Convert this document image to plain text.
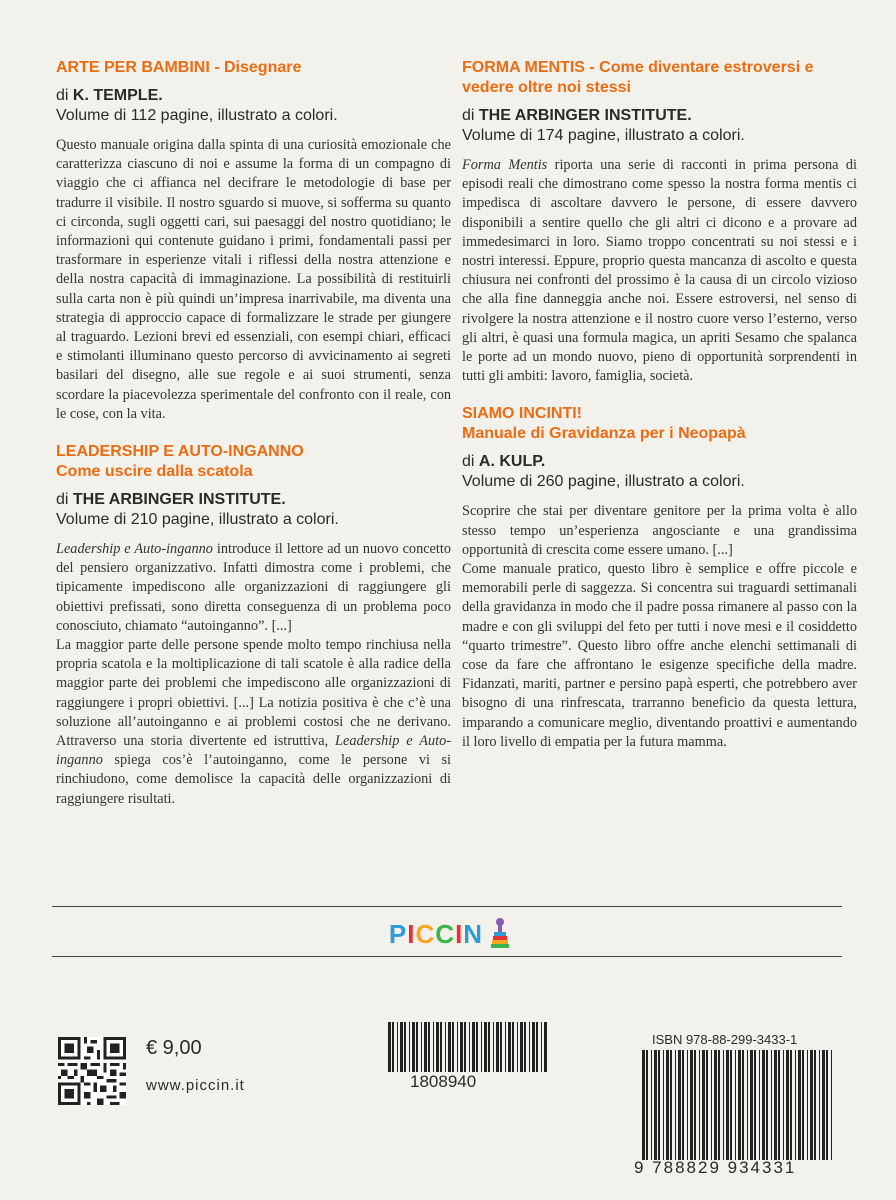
ARTE PER BAMBINI - Disegnare

di K. TEMPLE.

Volume di 112 pagine, illustrato a colori.

Questo manuale origina dalla spinta di una curiosità emozionale che caratterizza ciascuno di noi e assume la forma di un compagno di viaggio che ci affianca nel decifrare le metodologie di base per tradurre il visibile. Il nostro sguardo si muove, si sofferma su quanto ci circonda, sugli oggetti cari, sui paesaggi del nostro quotidiano; le informazioni qui contenute guidano i primi, fondamentali passi per trasformare in esperienze vitali i riflessi della nostra attenzione e della nostra capacità di immaginazione. La possibilità di restituirli sulla carta non è più quindi un’impresa inarrivabile, ma diventa una strategia di approccio capace di formalizzare le strade per giungere al traguardo. Lezioni brevi ed essenziali, con esempi chiari, efficaci e stimolanti illuminano questo percorso di avvicinamento ai segreti basilari del disegno, alle sue regole e ai suoi strumenti, senza scordare la piacevolezza sperimentale del confronto con il reale, con le cose, con la vita.

LEADERSHIP E AUTO-INGANNO
Come uscire dalla scatola

di THE ARBINGER INSTITUTE.

Volume di 210 pagine, illustrato a colori.

Leadership e Auto-inganno introduce il lettore ad un nuovo concetto del pensiero organizzativo. Infatti dimostra come i problemi, che tipicamente impediscono alle organizzazioni di raggiungere gli obiettivi prefissati, sono diretta conseguenza di un problema poco conosciuto, chiamato “autoinganno”. [...]

La maggior parte delle persone spende molto tempo rinchiusa nella propria scatola e la moltiplicazione di tali scatole è alla radice della maggior parte dei problemi che impediscono alle organizzazioni di raggiungere i propri obiettivi. [...] La notizia positiva è che c’è una soluzione all’autoinganno e ai problemi costosi che ne derivano. Attraverso una storia divertente ed istruttiva, Leadership e Auto-inganno spiega cos’è l’autoinganno, come le persone vi si rinchiudono, come demolisce la capacità delle organizzazioni di raggiungere risultati.

FORMA MENTIS - Come diventare estroversi e vedere oltre noi stessi

di THE ARBINGER INSTITUTE.

Volume di 174 pagine, illustrato a colori.

Forma Mentis riporta una serie di racconti in prima persona di episodi reali che dimostrano come spesso la nostra forma mentis ci impedisca di ascoltare davvero le persone, di essere davvero disponibili a sentire quello che gli altri ci dicono e a provare ad immedesimarci in loro. Siamo troppo concentrati su noi stessi e i nostri interessi. Eppure, proprio questa mancanza di ascolto e questa chiusura nei confronti del prossimo è la causa di un circolo vizioso che alla fine danneggia anche noi. Essere estroversi, nel senso di rivolgere la nostra attenzione e il nostro cuore verso l’esterno, verso gli altri, è quasi una formula magica, un apriti Sesamo che spalanca le porte ad un mondo nuovo, pieno di opportunità sorprendenti in tutti gli ambiti: lavoro, famiglia, società.

SIAMO INCINTI!
Manuale di Gravidanza per i Neopapà

di A. KULP.

Volume di 260 pagine, illustrato a colori.

Scoprire che stai per diventare genitore per la prima volta è allo stesso tempo un’esperienza angosciante e una grandissima opportunità di crescita come essere umano. [...]

Come manuale pratico, questo libro è semplice e offre piccole e memorabili perle di saggezza. Si concentra sui traguardi settimanali della gravidanza in modo che il padre possa rimanere al passo con la madre e con gli sviluppi del feto per tutti i nove mesi e il cosiddetto “quarto trimestre”. Questo libro offre anche elenchi settimanali di cose da fare che affrontano le esigenze specifiche della madre. Fidanzati, mariti, partner e persino papà esperti, che potrebbero aver bisogno di una rinfrescata, trarranno beneficio da questa lettura, imparando a comunicare meglio, diventando proattivi e aumentando il loro livello di empatia per la futura mamma.

P I C C I N
€ 9,00
www.piccin.it	1808940
ISBN 978-88-299-3433-1
9 788829 934331
